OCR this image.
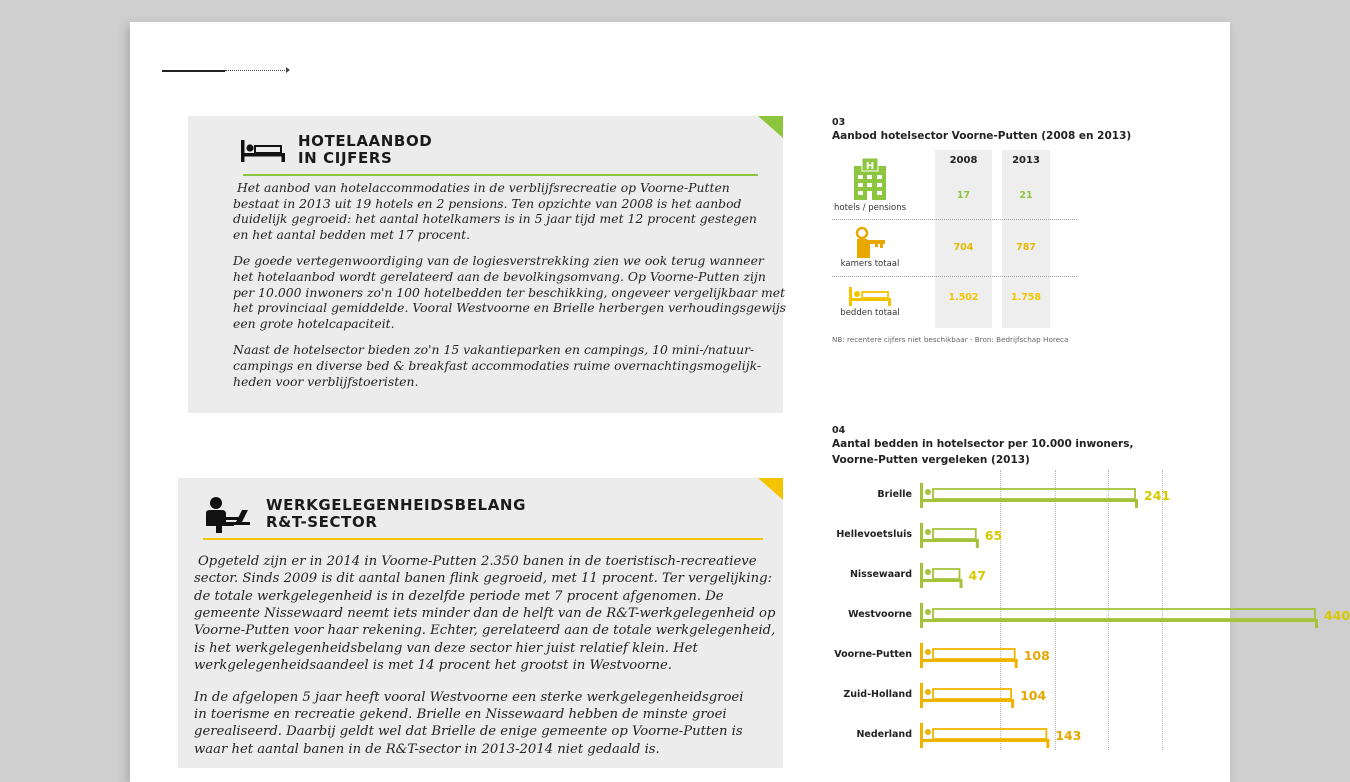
HOTELAANBOD
IN CIJFERS
Het aanbod van hotelaccommodaties in de verblijfsrecreatie op Voorne-Putten
bestaat in 2013 uit 19 hotels en 2 pensions. Ten opzichte van 2008 is het aanbod
duidelijk gegroeid: het aantal hotelkamers is in 5 jaar tijd met 12 procent gestegen
en het aantal bedden met 17 procent.
De goede vertegenwoordiging van de logiesverstrekking zien we ook terug wanneer
het hotelaanbod wordt gerelateerd aan de bevolkingsomvang. Op Voorne-Putten zijn
per 10.000 inwoners zo'n 100 hotelbedden ter beschikking, ongeveer vergelijkbaar met
het provinciaal gemiddelde. Vooral Westvoorne en Brielle herbergen verhoudingsgewijs
een grote hotelcapaciteit.
Naast de hotelsector bieden zo'n 15 vakantieparken en campings, 10 mini-/natuur-
campings en diverse bed & breakfast accommodaties ruime overnachtingsmogelijk-
heden voor verblijfstoeristen.
WERKGELEGENHEIDSBELANG
R&T-SECTOR
Opgeteld zijn er in 2014 in Voorne-Putten 2.350 banen in de toeristisch-recreatieve
sector. Sinds 2009 is dit aantal banen flink gegroeid, met 11 procent. Ter vergelijking:
de totale werkgelegenheid is in dezelfde periode met 7 procent afgenomen. De
gemeente Nissewaard neemt iets minder dan de helft van de R&T-werkgelegenheid op
Voorne-Putten voor haar rekening. Echter, gerelateerd aan de totale werkgelegenheid,
is het werkgelegenheidsbelang van deze sector hier juist relatief klein. Het
werkgelegenheidsaandeel is met 14 procent het grootst in Westvoorne.
In de afgelopen 5 jaar heeft vooral Westvoorne een sterke werkgelegenheidsgroei
in toerisme en recreatie gekend. Brielle en Nissewaard hebben de minste groei
gerealiseerd. Daarbij geldt wel dat Brielle de enige gemeente op Voorne-Putten is
waar het aantal banen in de R&T-sector in 2013-2014 niet gedaald is.
03
Aanbod hotelsector Voorne-Putten (2008 en 2013)
2008	2013
H
hotels / pensions
17	21
kamers totaal
704	787
bedden totaal
1.502	1.758
NB: recentere cijfers niet beschikbaar - Bron: Bedrijfschap Horeca
04
Aantal bedden in hotelsector per 10.000 inwoners,
Voorne-Putten vergeleken (2013)
Brielle	241
Hellevoetsluis	65
Nissewaard	47
Westvoorne	440
Voorne-Putten	108
Zuid-Holland	104
Nederland	143
